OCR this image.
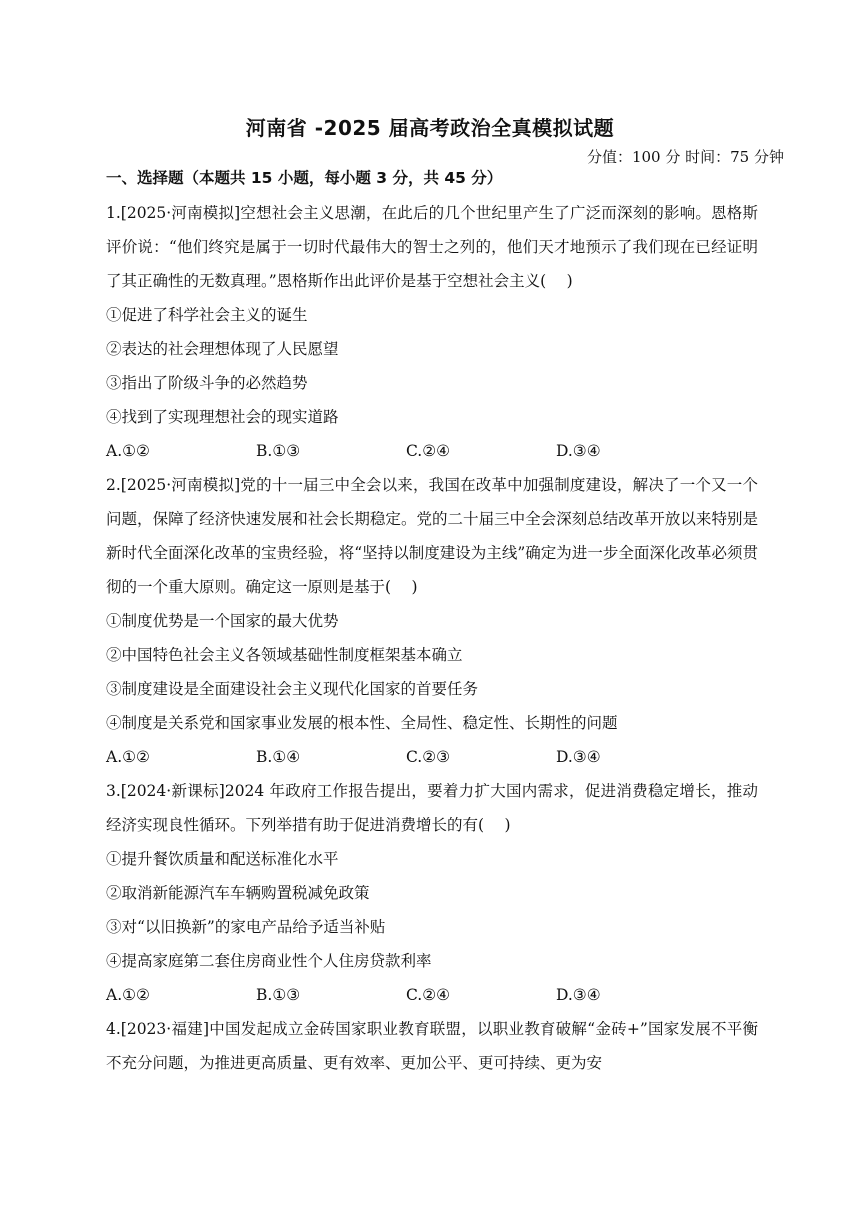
河南省 -2025 届高考政治全真模拟试题
分值：100 分 时间：75 分钟
一、选择题（本题共 15 小题，每小题 3 分，共 45 分）

1.[2025·河南模拟]空想社会主义思潮，在此后的几个世纪里产生了广泛而深刻的影响。恩格斯评价说：“他们终究是属于一切时代最伟大的智士之列的，他们天才地预示了我们现在已经证明了其正确性的无数真理。”恩格斯作出此评价是基于空想社会主义(　 )

①促进了科学社会主义的诞生

②表达的社会理想体现了人民愿望

③指出了阶级斗争的必然趋势

④找到了实现理想社会的现实道路

A.①②	B.①③	C.②④	D.③④

2.[2025·河南模拟]党的十一届三中全会以来，我国在改革中加强制度建设，解决了一个又一个问题，保障了经济快速发展和社会长期稳定。党的二十届三中全会深刻总结改革开放以来特别是新时代全面深化改革的宝贵经验，将“坚持以制度建设为主线”确定为进一步全面深化改革必须贯彻的一个重大原则。确定这一原则是基于(　 )

①制度优势是一个国家的最大优势

②中国特色社会主义各领域基础性制度框架基本确立

③制度建设是全面建设社会主义现代化国家的首要任务

④制度是关系党和国家事业发展的根本性、全局性、稳定性、长期性的问题

A.①②	B.①④	C.②③	D.③④

3.[2024·新课标]2024 年政府工作报告提出，要着力扩大国内需求，促进消费稳定增长，推动经济实现良性循环。下列举措有助于促进消费增长的有(　 )

①提升餐饮质量和配送标准化水平

②取消新能源汽车车辆购置税减免政策

③对“以旧换新”的家电产品给予适当补贴

④提高家庭第二套住房商业性个人住房贷款利率

A.①②	B.①③	C.②④	D.③④

4.[2023·福建]中国发起成立金砖国家职业教育联盟，以职业教育破解“金砖+”国家发展不平衡不充分问题，为推进更高质量、更有效率、更加公平、更可持续、更为安
